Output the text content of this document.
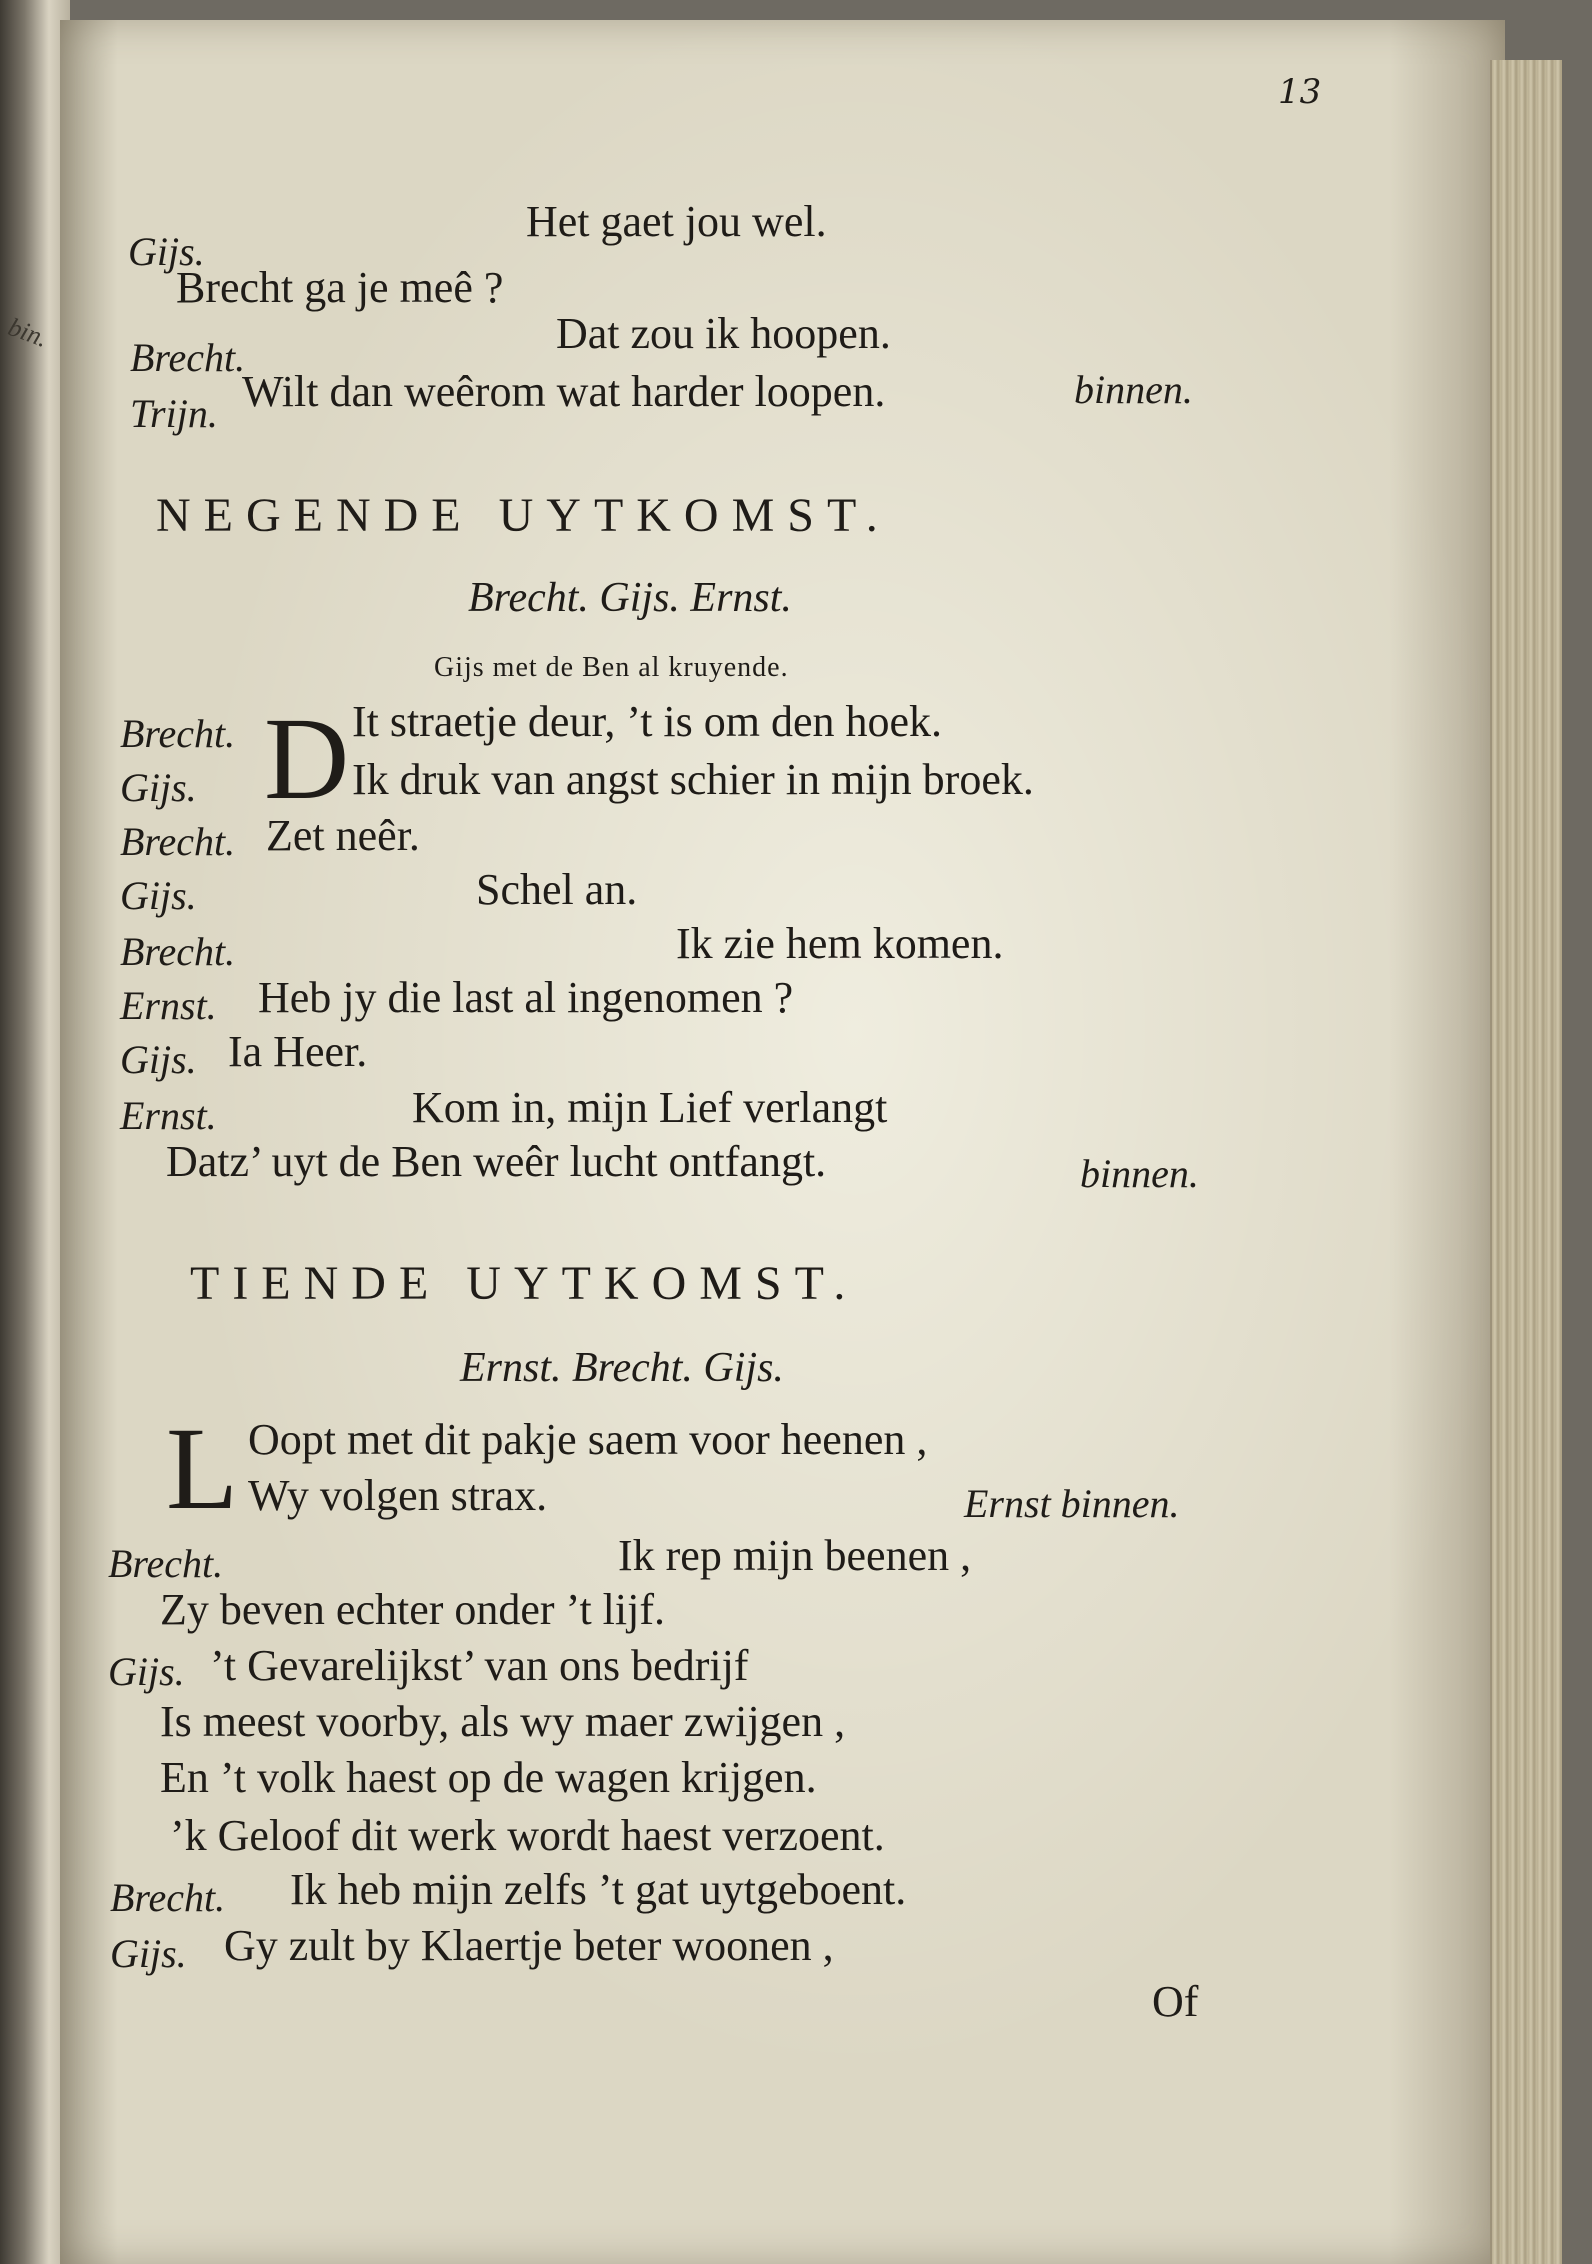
bin.
13
Gijs.
Het gaet jou wel.
Brecht ga je meê ?
Brecht.	Dat zou ik hoopen.
Trijn. Wilt dan weêrom wat harder loopen.	binnen.
NEGENDE UYTKOMST.
Brecht. Gijs. Ernst.
Gijs met de Ben al kruyende.
D
Brecht.	It straetje deur, ’t is om den hoek.
Gijs.	Ik druk van angst schier in mijn broek.
Brecht. Zet neêr.
Gijs.	Schel an.
Brecht.	Ik zie hem komen.
Ernst. Heb jy die last al ingenomen ?
Gijs. Ia Heer.
Ernst.	Kom in, mijn Lief verlangt
Datz’ uyt de Ben weêr lucht ontfangt.	binnen.
TIENDE UYTKOMST.
Ernst. Brecht. Gijs.
L Oopt met dit pakje saem voor heenen ,
Wy volgen strax.	Ernst binnen.
Brecht.	Ik rep mijn beenen ,
Zy beven echter onder ’t lijf.
Gijs. ’t Gevarelijkst’ van ons bedrijf
Is meest voorby, als wy maer zwijgen ,
En ’t volk haest op de wagen krijgen.
’k Geloof dit werk wordt haest verzoent.
Brecht. Ik heb mijn zelfs ’t gat uytgeboent.
Gijs. Gy zult by Klaertje beter woonen ,
Of
